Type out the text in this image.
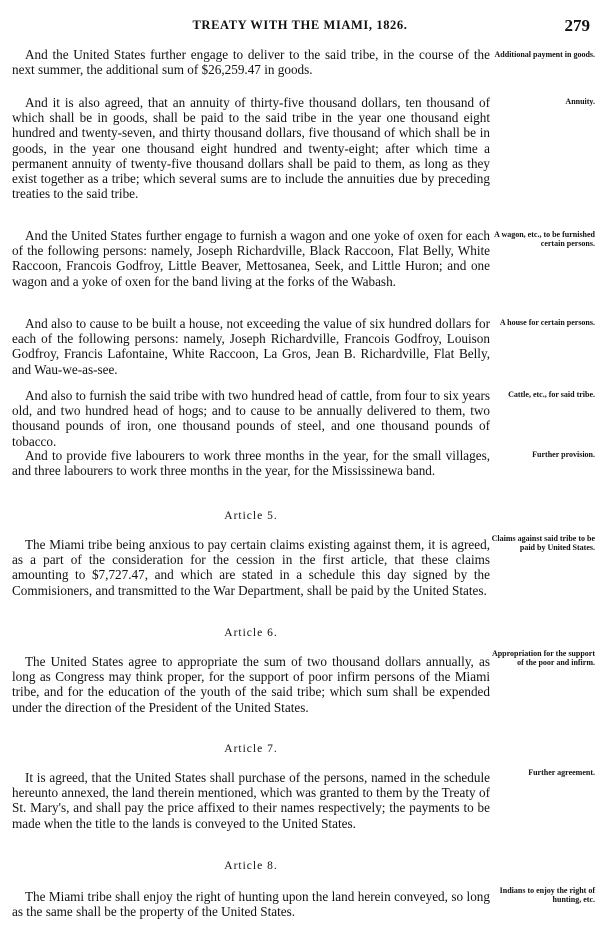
TREATY WITH THE MIAMI, 1826.	279

And the United States further engage to deliver to the said tribe, in the course of the next summer, the additional sum of $26,259.47 in goods.

Additional payment in goods.

And it is also agreed, that an annuity of thirty-five thousand dollars, ten thousand of which shall be in goods, shall be paid to the said tribe in the year one thousand eight hundred and twenty-seven, and thirty thousand dollars, five thousand of which shall be in goods, in the year one thousand eight hundred and twenty-eight; after which time a permanent annuity of twenty-five thousand dollars shall be paid to them, as long as they exist together as a tribe; which several sums are to include the annuities due by preceding treaties to the said tribe.

Annuity.

And the United States further engage to furnish a wagon and one yoke of oxen for each of the following persons: namely, Joseph Richardville, Black Raccoon, Flat Belly, White Raccoon, Francois Godfroy, Little Beaver, Mettosanea, Seek, and Little Huron; and one wagon and a yoke of oxen for the band living at the forks of the Wabash.

A wagon, etc., to be furnished certain persons.

And also to cause to be built a house, not exceeding the value of six hundred dollars for each of the following persons: namely, Joseph Richardville, Francois Godfroy, Louison Godfroy, Francis Lafontaine, White Raccoon, La Gros, Jean B. Richardville, Flat Belly, and Wau-we-as-see.

A house for certain persons.

And also to furnish the said tribe with two hundred head of cattle, from four to six years old, and two hundred head of hogs; and to cause to be annually delivered to them, two thousand pounds of iron, one thousand pounds of steel, and one thousand pounds of tobacco.

Cattle, etc., for said tribe.

And to provide five labourers to work three months in the year, for the small villages, and three labourers to work three months in the year, for the Mississinewa band.

Further provision.
Article 5.

The Miami tribe being anxious to pay certain claims existing against them, it is agreed, as a part of the consideration for the cession in the first article, that these claims amounting to $7,727.47, and which are stated in a schedule this day signed by the Commisioners, and transmitted to the War Department, shall be paid by the United States.

Claims against said tribe to be paid by United States.
Article 6.

The United States agree to appropriate the sum of two thousand dollars annually, as long as Congress may think proper, for the support of poor infirm persons of the Miami tribe, and for the education of the youth of the said tribe; which sum shall be expended under the direction of the President of the United States.

Appropriation for the support of the poor and infirm.
Article 7.

It is agreed, that the United States shall purchase of the persons, named in the schedule hereunto annexed, the land therein mentioned, which was granted to them by the Treaty of St. Mary's, and shall pay the price affixed to their names respectively; the payments to be made when the title to the lands is conveyed to the United States.

Further agreement.
Article 8.

The Miami tribe shall enjoy the right of hunting upon the land herein conveyed, so long as the same shall be the property of the United States.

Indians to enjoy the right of hunting, etc.
